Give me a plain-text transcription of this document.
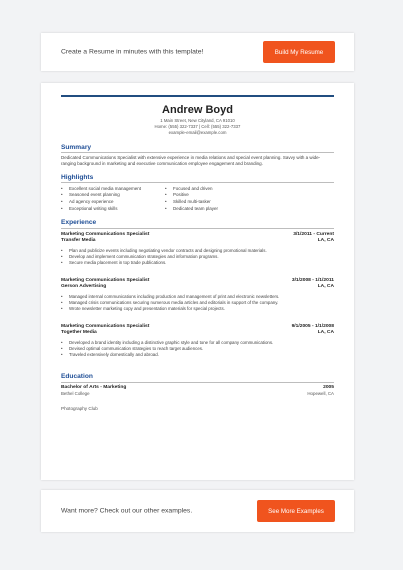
Create a Resume in minutes with this template!	Build My Resume
Andrew Boyd
1 Main Street, New Cityland, CA 91010
Home: (555) 322-7337 | Cell: (555) 322-7337
example-email@example.com
Summary
Dedicated Communications Specialist with extensive experience in media relations and special event planning. Savvy with a wide-ranging background in marketing and executive communication employee engagement and branding.
Highlights
• Excellent social media management
• Seasoned event planning
• Ad agency experience
• Exceptional writing skills
• Focused and driven
• Positive
• Skilled multi-tasker
• Dedicated team player
Experience
Marketing Communications Specialist	3/1/2011 - Current
Transfer Media	LA, CA
• Plan and publicize events including negotiating vendor contracts and designing promotional materials.
• Develop and implement communication strategies and information programs.
• Secure media placement in top trade publications.
Marketing Communications Specialist	3/1/2008 - 1/1/2011
Gerson Advertising	LA, CA
• Managed internal communications including production and management of print and electronic newsletters.
• Managed crisis communications securing numerous media articles and editorials in support of the company.
• Wrote newsletter marketing copy and presentation materials for special projects.
Marketing Communications Specialist	9/1/2005 - 1/1/2008
Together Media	LA, CA
• Developed a brand identity including a distinctive graphic style and tone for all company communications.
• Devised optimal communication strategies to reach target audiences.
• Traveled extensively domestically and abroad.
Education
Bachelor of Arts - Marketing	2005
Bethel College	Hopewell, CA
Photography Club
Want more? Check out our other examples.	See More Examples
